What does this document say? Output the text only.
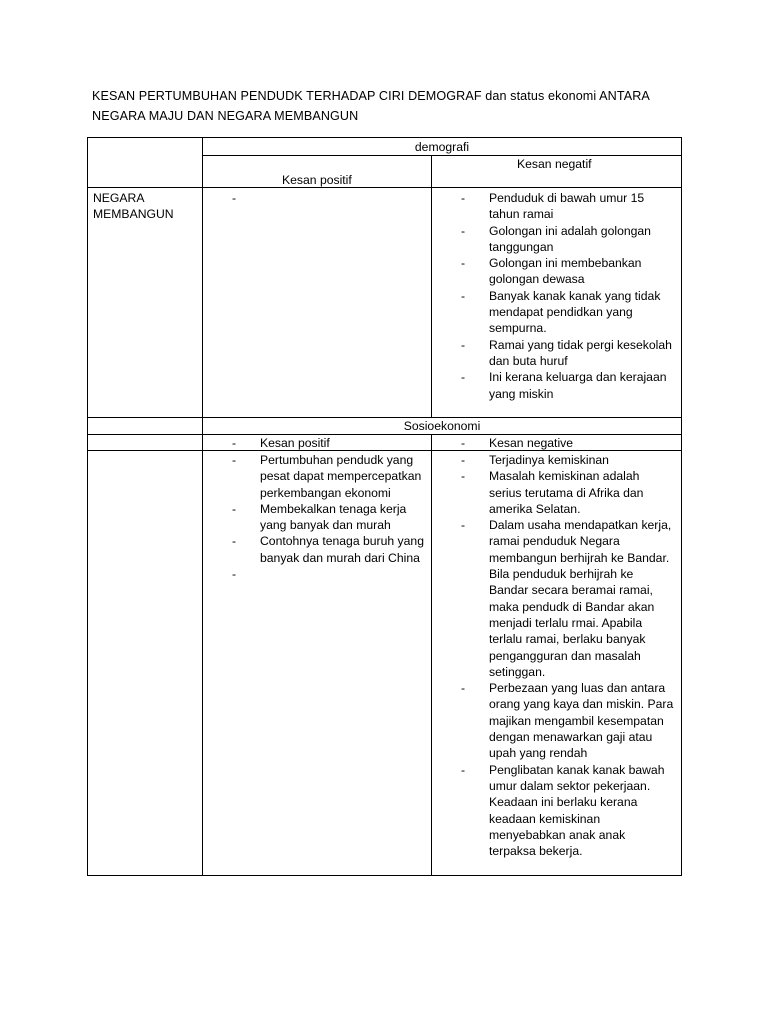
KESAN PERTUMBUHAN PENDUDK TERHADAP CIRI DEMOGRAF dan status ekonomi ANTARA NEGARA MAJU DAN NEGARA MEMBANGUN
demografi
Kesan positif
Kesan negatif
NEGARA MEMBANGUN
-	- Penduduk di bawah umur 15 tahun ramai
- Golongan ini adalah golongan tanggungan
- Golongan ini membebankan golongan dewasa
- Banyak kanak kanak yang tidak mendapat pendidkan yang sempurna.
- Ramai yang tidak pergi kesekolah dan buta huruf
- Ini kerana keluarga dan kerajaan yang miskin
Sosioekonomi
- Kesan positif	- Kesan negative
- Pertumbuhan pendudk yang pesat dapat mempercepatkan perkembangan ekonomi
- Membekalkan tenaga kerja yang banyak dan murah
- Contohnya tenaga buruh yang banyak dan murah dari China
-
- Terjadinya kemiskinan
- Masalah kemiskinan adalah serius terutama di Afrika dan amerika Selatan.
- Dalam usaha mendapatkan kerja, ramai penduduk Negara membangun berhijrah ke Bandar. Bila penduduk berhijrah ke Bandar secara beramai ramai, maka pendudk di Bandar akan menjadi terlalu rmai. Apabila terlalu ramai, berlaku banyak pengangguran dan masalah setinggan.
- Perbezaan yang luas dan antara orang yang kaya dan miskin. Para majikan mengambil kesempatan dengan menawarkan gaji atau upah yang rendah
- Penglibatan kanak kanak bawah umur dalam sektor pekerjaan. Keadaan ini berlaku kerana keadaan kemiskinan menyebabkan anak anak terpaksa bekerja.
